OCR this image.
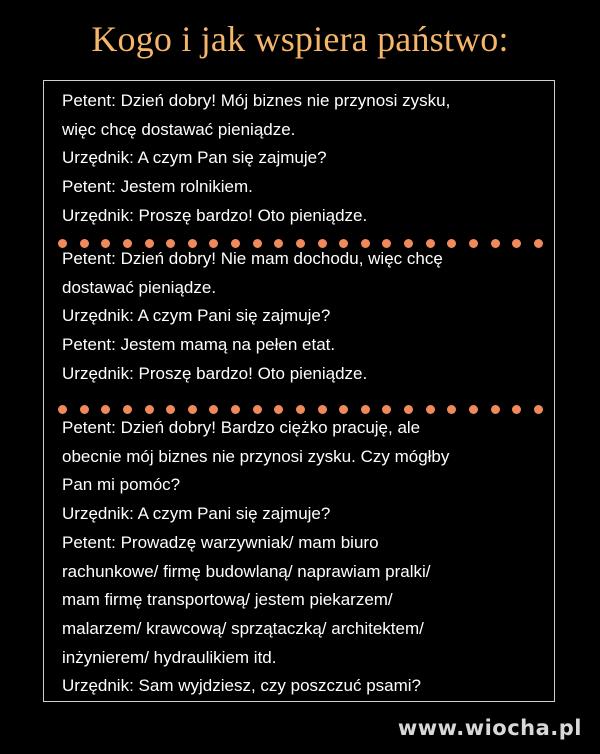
Kogo i jak wspiera państwo:
Petent: Dzień dobry! Mój biznes nie przynosi zysku,
więc chcę dostawać pieniądze.
Urzędnik: A czym Pan się zajmuje?
Petent: Jestem rolnikiem.
Urzędnik: Proszę bardzo! Oto pieniądze.
Petent: Dzień dobry! Nie mam dochodu, więc chcę
dostawać pieniądze.
Urzędnik: A czym Pani się zajmuje?
Petent: Jestem mamą na pełen etat.
Urzędnik: Proszę bardzo! Oto pieniądze.
Petent: Dzień dobry! Bardzo ciężko pracuję, ale
obecnie mój biznes nie przynosi zysku. Czy mógłby
Pan mi pomóc?
Urzędnik: A czym Pani się zajmuje?
Petent: Prowadzę warzywniak/ mam biuro
rachunkowe/ firmę budowlaną/ naprawiam pralki/
mam firmę transportową/ jestem piekarzem/
malarzem/ krawcową/ sprzątaczką/ architektem/
inżynierem/ hydraulikiem itd.
Urzędnik: Sam wyjdziesz, czy poszczuć psami?
www.wiocha.pl
